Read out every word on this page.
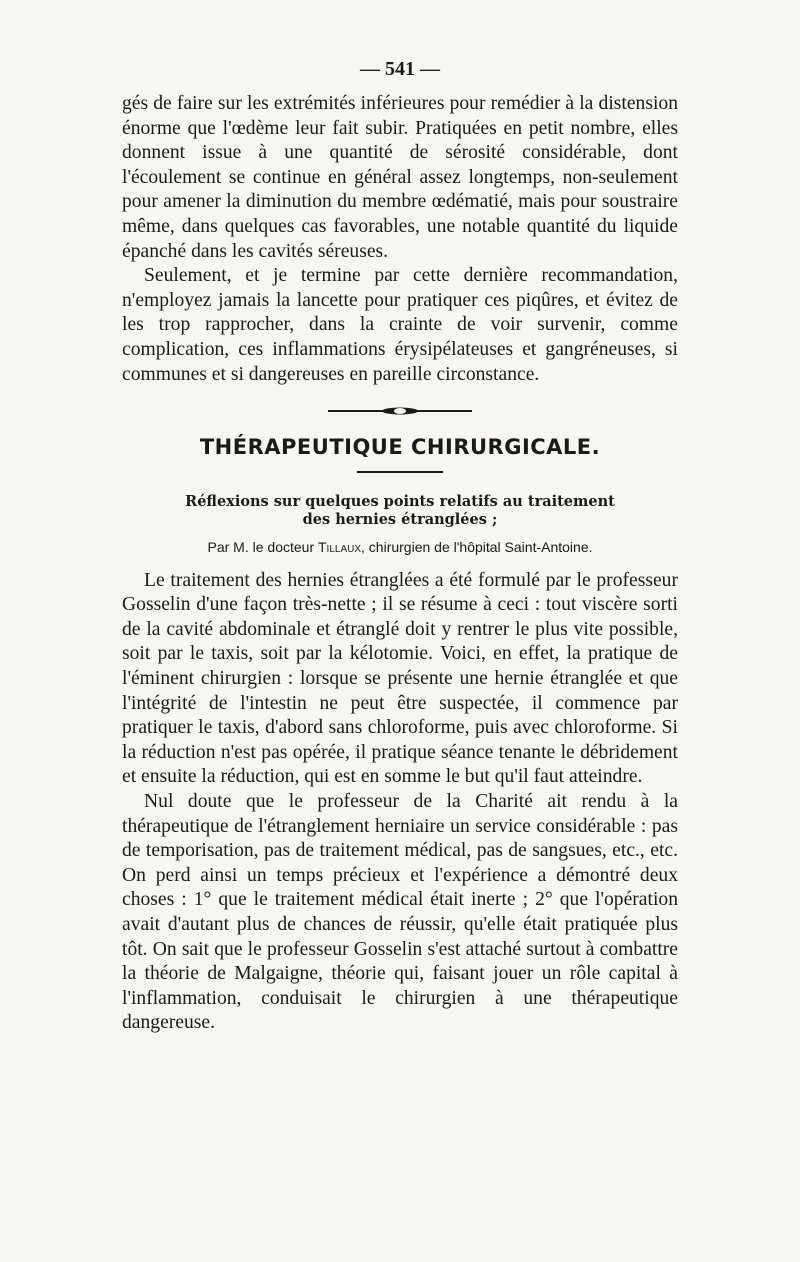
— 541 —

gés de faire sur les extrémités inférieures pour remédier à la distension énorme que l'œdème leur fait subir. Pratiquées en petit nombre, elles donnent issue à une quantité de sérosité considérable, dont l'écoulement se continue en général assez longtemps, non-seulement pour amener la diminution du membre œdématié, mais pour soustraire même, dans quelques cas favorables, une notable quantité du liquide épanché dans les cavités séreuses.

Seulement, et je termine par cette dernière recommandation, n'employez jamais la lancette pour pratiquer ces piqûres, et évitez de les trop rapprocher, dans la crainte de voir survenir, comme complication, ces inflammations érysipélateuses et gangréneuses, si communes et si dangereuses en pareille circonstance.

THÉRAPEUTIQUE CHIRURGICALE.
Réflexions sur quelques points relatifs au traitement
des hernies étranglées ;
Par M. le docteur Tillaux, chirurgien de l'hôpital Saint-Antoine.

Le traitement des hernies étranglées a été formulé par le professeur Gosselin d'une façon très-nette ; il se résume à ceci : tout viscère sorti de la cavité abdominale et étranglé doit y rentrer le plus vite possible, soit par le taxis, soit par la kélotomie. Voici, en effet, la pratique de l'éminent chirurgien : lorsque se présente une hernie étranglée et que l'intégrité de l'intestin ne peut être suspectée, il commence par pratiquer le taxis, d'abord sans chloroforme, puis avec chloroforme. Si la réduction n'est pas opérée, il pratique séance tenante le débridement et ensuite la réduction, qui est en somme le but qu'il faut atteindre.

Nul doute que le professeur de la Charité ait rendu à la thérapeutique de l'étranglement herniaire un service considérable : pas de temporisation, pas de traitement médical, pas de sangsues, etc., etc. On perd ainsi un temps précieux et l'expérience a démontré deux choses : 1° que le traitement médical était inerte ; 2° que l'opération avait d'autant plus de chances de réussir, qu'elle était pratiquée plus tôt. On sait que le professeur Gosselin s'est attaché surtout à combattre la théorie de Malgaigne, théorie qui, faisant jouer un rôle capital à l'inflammation, conduisait le chirurgien à une thérapeutique dangereuse.
